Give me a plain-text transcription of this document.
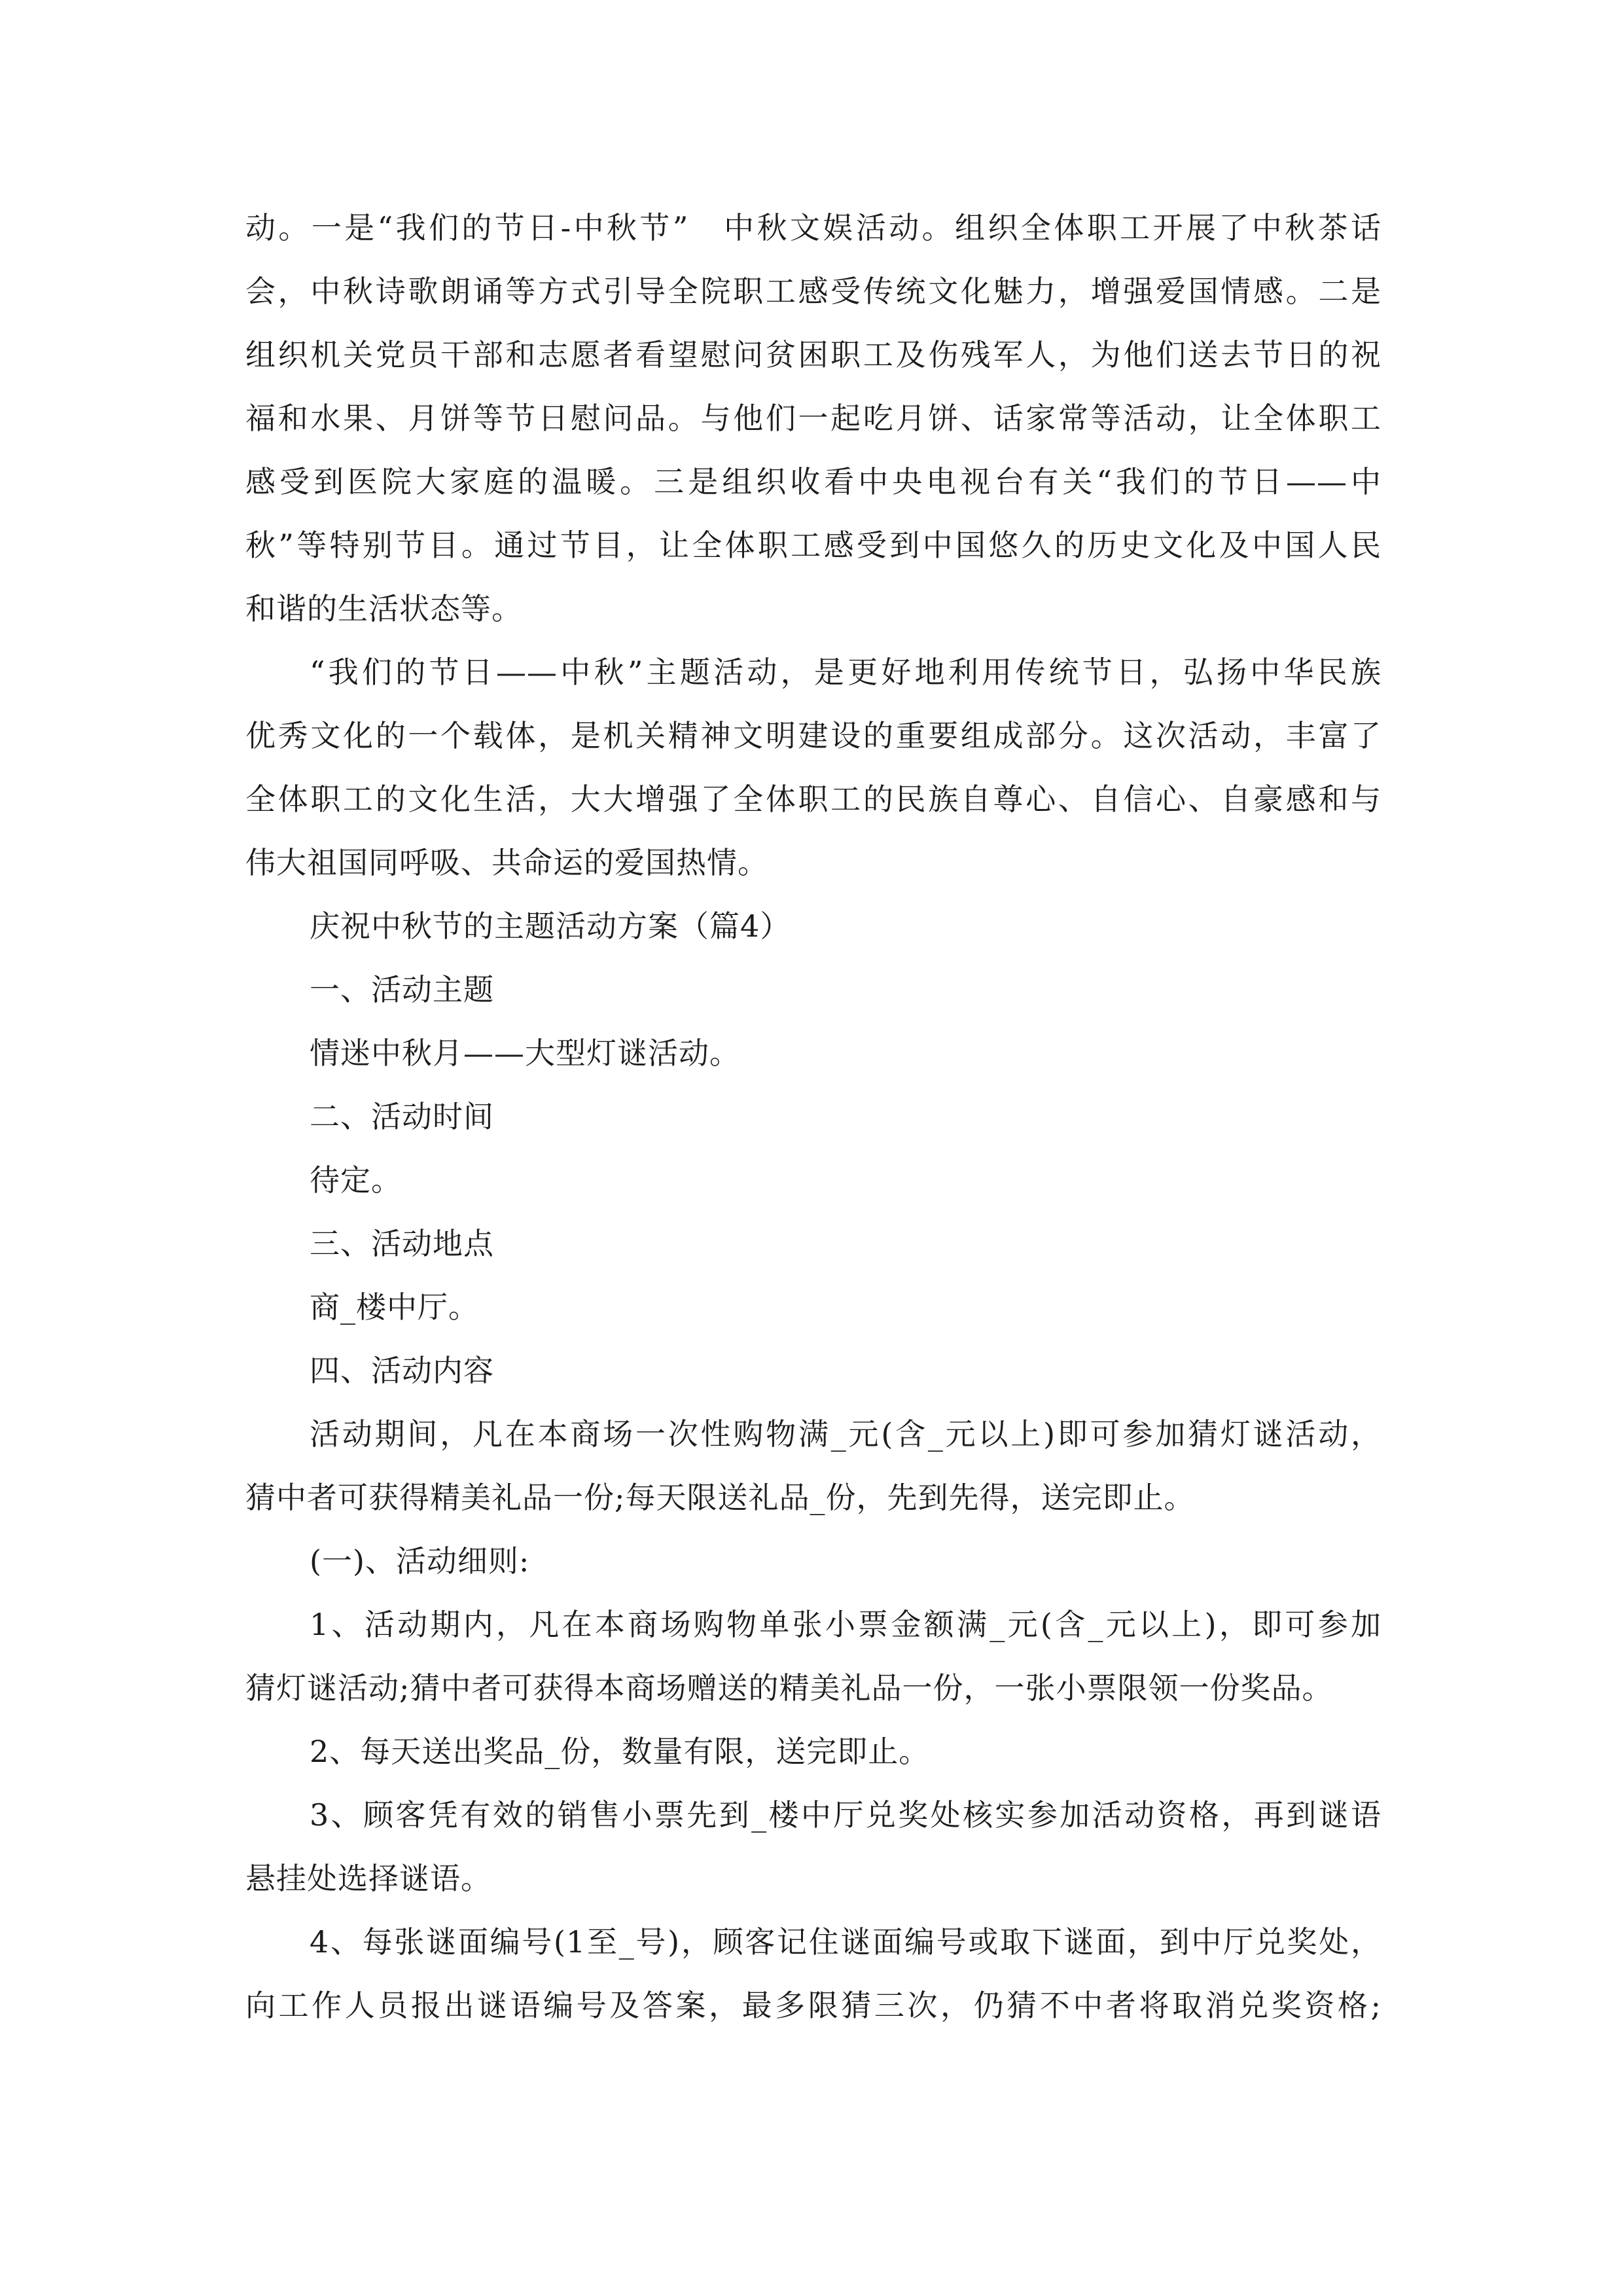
动。一是“我们的节日-中秋节”　中秋文娱活动。组织全体职工开展了中秋茶话
会，中秋诗歌朗诵等方式引导全院职工感受传统文化魅力，增强爱国情感。二是
组织机关党员干部和志愿者看望慰问贫困职工及伤残军人，为他们送去节日的祝
福和水果、月饼等节日慰问品。与他们一起吃月饼、话家常等活动，让全体职工
感受到医院大家庭的温暖。三是组织收看中央电视台有关“我们的节日——中
秋”等特别节目。通过节目，让全体职工感受到中国悠久的历史文化及中国人民
和谐的生活状态等。
“我们的节日——中秋”主题活动，是更好地利用传统节日，弘扬中华民族
优秀文化的一个载体，是机关精神文明建设的重要组成部分。这次活动，丰富了
全体职工的文化生活，大大增强了全体职工的民族自尊心、自信心、自豪感和与
伟大祖国同呼吸、共命运的爱国热情。
庆祝中秋节的主题活动方案（篇4）
一、活动主题
情迷中秋月——大型灯谜活动。
二、活动时间
待定。
三、活动地点
商_楼中厅。
四、活动内容
活动期间，凡在本商场一次性购物满_元(含_元以上)即可参加猜灯谜活动，
猜中者可获得精美礼品一份;每天限送礼品_份，先到先得，送完即止。
(一)、活动细则:
1、活动期内，凡在本商场购物单张小票金额满_元(含_元以上)，即可参加
猜灯谜活动;猜中者可获得本商场赠送的精美礼品一份，一张小票限领一份奖品。
2、每天送出奖品_份，数量有限，送完即止。
3、顾客凭有效的销售小票先到_楼中厅兑奖处核实参加活动资格，再到谜语
悬挂处选择谜语。
4、每张谜面编号(1至_号)，顾客记住谜面编号或取下谜面，到中厅兑奖处，
向工作人员报出谜语编号及答案，最多限猜三次，仍猜不中者将取消兑奖资格;
